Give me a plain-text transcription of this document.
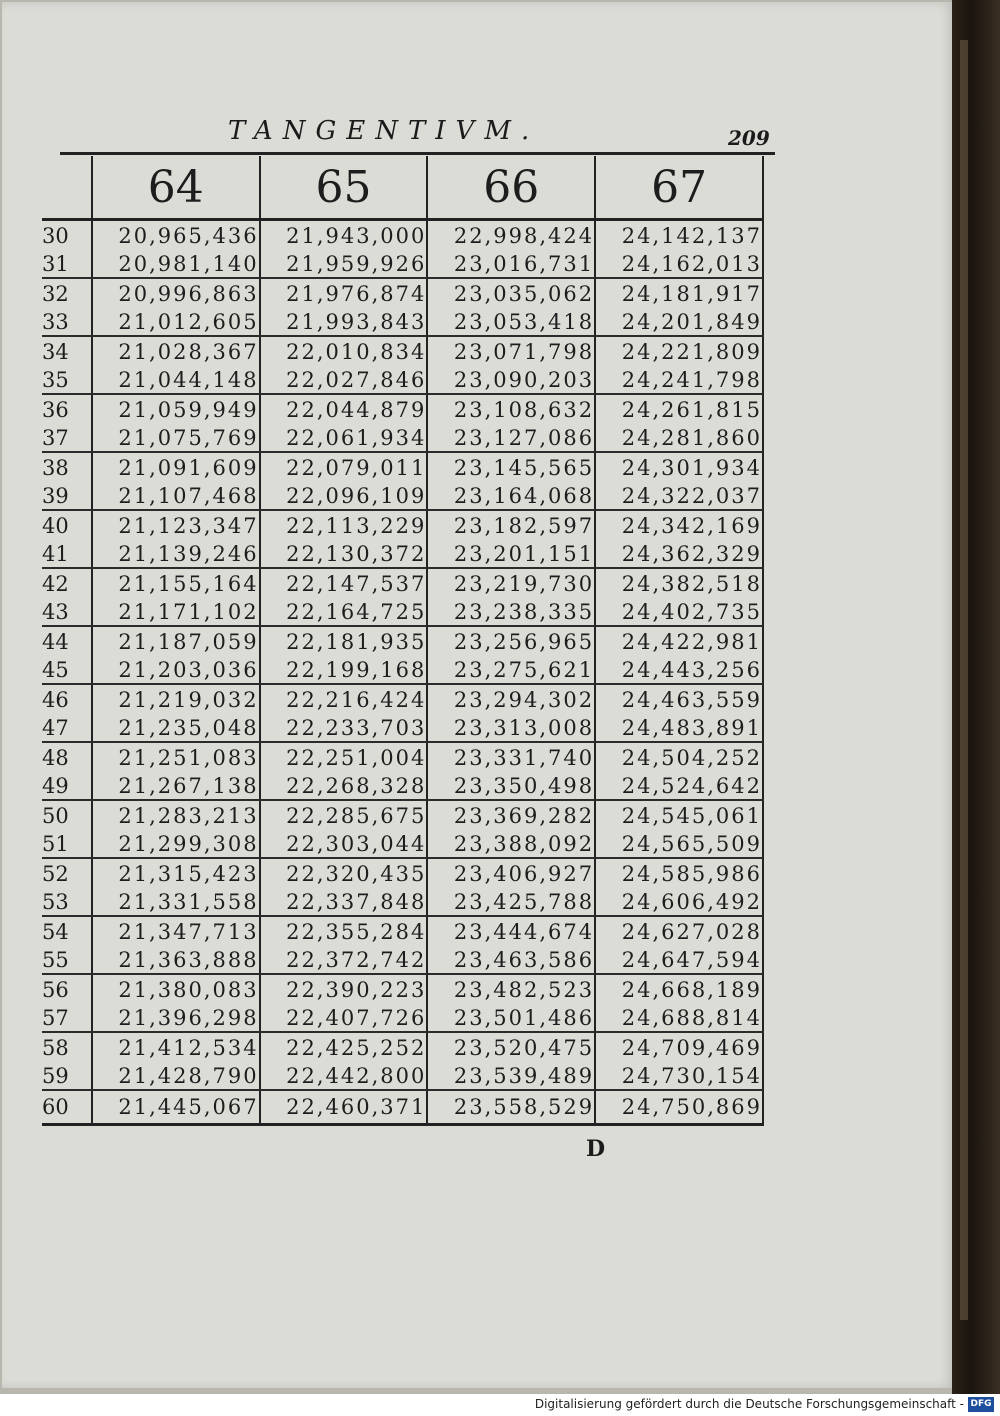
TANGENTIVM.	209
	64	65	66	67
30	20,965,436	21,943,000	22,998,424	24,142,137
31	20,981,140	21,959,926	23,016,731	24,162,013
32	20,996,863	21,976,874	23,035,062	24,181,917
33	21,012,605	21,993,843	23,053,418	24,201,849
34	21,028,367	22,010,834	23,071,798	24,221,809
35	21,044,148	22,027,846	23,090,203	24,241,798
36	21,059,949	22,044,879	23,108,632	24,261,815
37	21,075,769	22,061,934	23,127,086	24,281,860
38	21,091,609	22,079,011	23,145,565	24,301,934
39	21,107,468	22,096,109	23,164,068	24,322,037
40	21,123,347	22,113,229	23,182,597	24,342,169
41	21,139,246	22,130,372	23,201,151	24,362,329
42	21,155,164	22,147,537	23,219,730	24,382,518
43	21,171,102	22,164,725	23,238,335	24,402,735
44	21,187,059	22,181,935	23,256,965	24,422,981
45	21,203,036	22,199,168	23,275,621	24,443,256
46	21,219,032	22,216,424	23,294,302	24,463,559
47	21,235,048	22,233,703	23,313,008	24,483,891
48	21,251,083	22,251,004	23,331,740	24,504,252
49	21,267,138	22,268,328	23,350,498	24,524,642
50	21,283,213	22,285,675	23,369,282	24,545,061
51	21,299,308	22,303,044	23,388,092	24,565,509
52	21,315,423	22,320,435	23,406,927	24,585,986
53	21,331,558	22,337,848	23,425,788	24,606,492
54	21,347,713	22,355,284	23,444,674	24,627,028
55	21,363,888	22,372,742	23,463,586	24,647,594
56	21,380,083	22,390,223	23,482,523	24,668,189
57	21,396,298	22,407,726	23,501,486	24,688,814
58	21,412,534	22,425,252	23,520,475	24,709,469
59	21,428,790	22,442,800	23,539,489	24,730,154
60	21,445,067	22,460,371	23,558,529	24,750,869
D
Digitalisierung gefördert durch die Deutsche Forschungsgemeinschaft - DFG
